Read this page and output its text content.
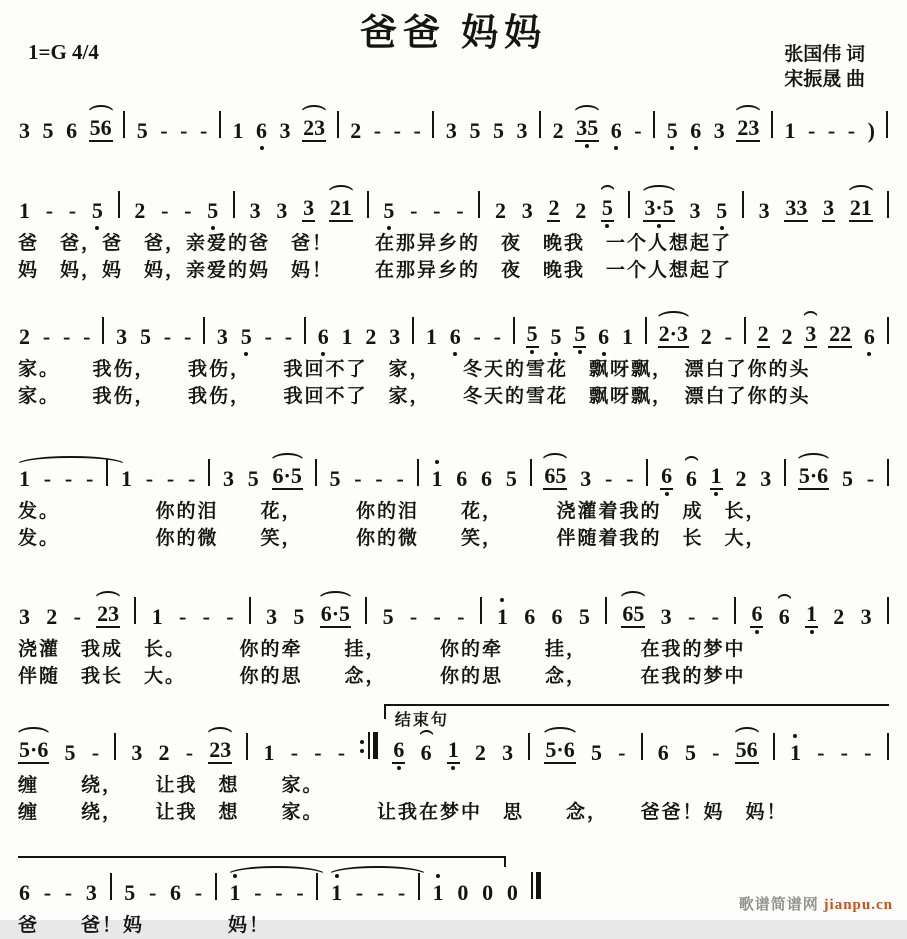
爸爸 妈妈
1=G 4/4	张国伟 词
宋振晟 曲
3 5 6 56 5 - - - 1 6 3 23 2 - - - 3 5 5 3 2 35 6 - 5 6 3 23 1 - - - )
1 - - 5 2 - - 5 3 3 3 21 5 - - - 2 3 2 2 5 3·5 3 5 3 33 3 21
爸　爸，爸　爸，亲爱的爸　爸！　　在那异乡的　夜　晚我　一个人想起了
妈　妈，妈　妈，亲爱的妈　妈！　　在那异乡的　夜　晚我　一个人想起了
2 - - - 3 5 - - 3 5 - - 6 1 2 3 1 6 - - 5 5 5 6 1 2·3 2 - 2 2 3 22 6
家。　　我伤，　　我伤，　　我回不了　家，　　冬天的雪花　飘呀飘，　漂白了你的头
家。　　我伤，　　我伤，　　我回不了　家，　　冬天的雪花　飘呀飘，　漂白了你的头
1 - - - 1 - - - 3 5 6·5 5 - - - 1 6 6 5 65 3 - - 6 6 1 2 3 5·6 5 -
发。　　　　　你的泪　　花，　　　你的泪　　花，　　　浇灌着我的　成　长，
发。　　　　　你的微　　笑，　　　你的微　　笑，　　　伴随着我的　长　大，
3 2 - 23 1 - - - 3 5 6·5 5 - - - 1 6 6 5 65 3 - - 6 6 1 2 3
浇灌　我成　长。　　　你的牵　　挂，　　　你的牵　　挂，　　　在我的梦中
伴随　我长　大。　　　你的思　　念，　　　你的思　　念，　　　在我的梦中
结束句
5·6 5 - 3 2 - 23 1 - - - 6 6 1 2 3 5·6 5 - 6 5 - 56 1 - - -
缠　　绕，　　让我　想　　家。
缠　　绕，　　让我　想　　家。　　　让我在梦中　思　　念，　　爸爸！妈　妈！
6 - - 3 5 - 6 - 1 - - - 1 - - - 1 0 0 0
爸　　爸！妈　　　　妈！
歌谱简谱网 jianpu.cn
